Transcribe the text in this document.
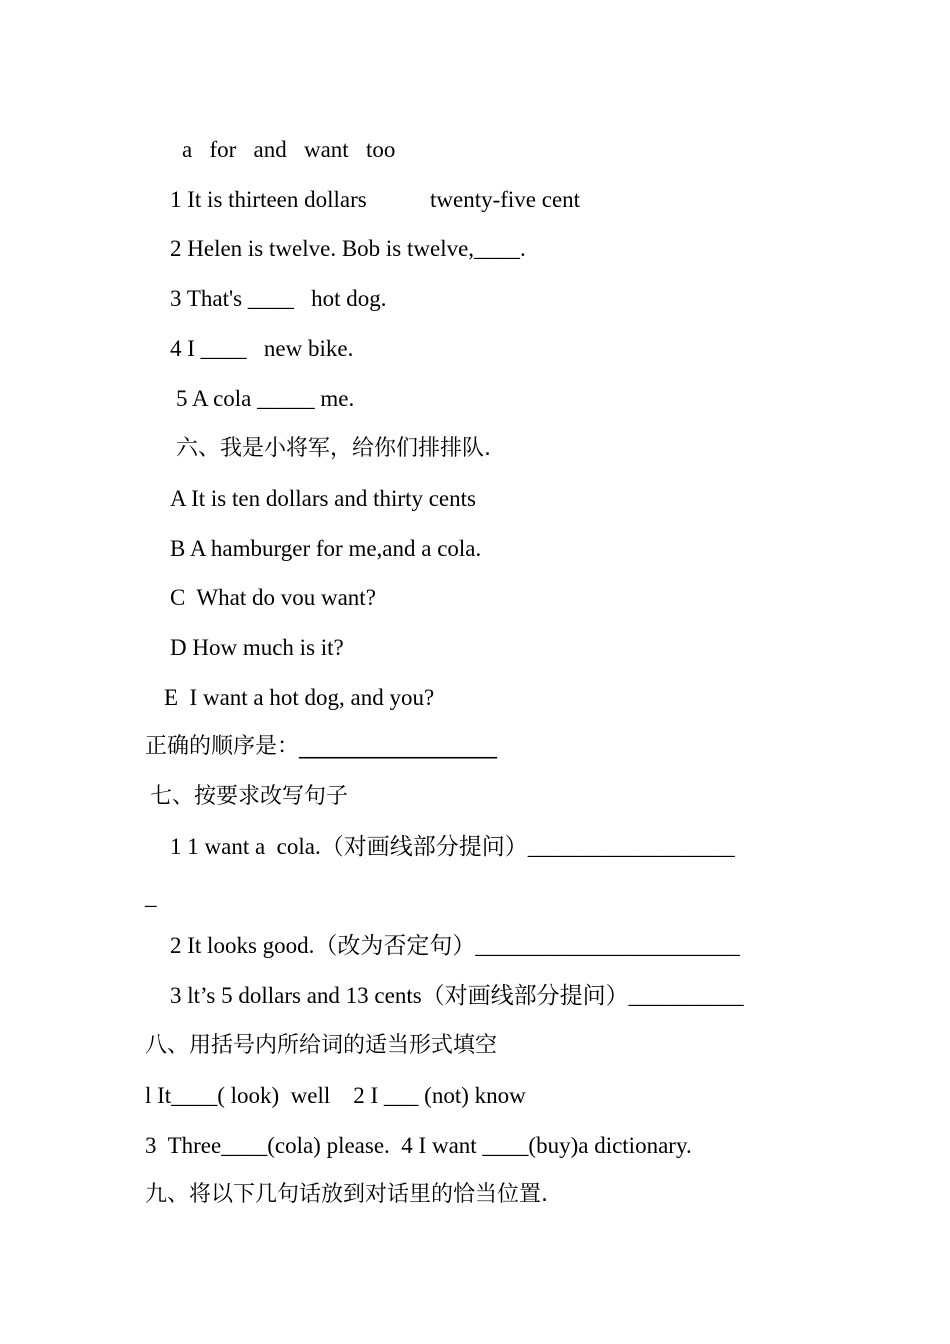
a   for   and   want   too
1 It is thirteen dollars           twenty-five cent
2 Helen is twelve. Bob is twelve,____.
3 That's ____   hot dog.
4 I ____   new bike.
5 A cola _____ me.
六、我是小将军，给你们排排队.
A It is ten dollars and thirty cents
B A hamburger for me,and a cola.
C  What do vou want?
D How much is it?
E  I want a hot dog, and you?
正确的顺序是：__________________
七、按要求改写句子
1 1 want a  cola.（对画线部分提问）__________________
_
2 It looks good.（改为否定句）_______________________
3 lt’s 5 dollars and 13 cents（对画线部分提问）__________
八、用括号内所给词的适当形式填空
l It____( look)  well    2 I ___ (not) know
3  Three____(cola) please.  4 I want ____(buy)a dictionary.
九、将以下几句话放到对话里的恰当位置.
